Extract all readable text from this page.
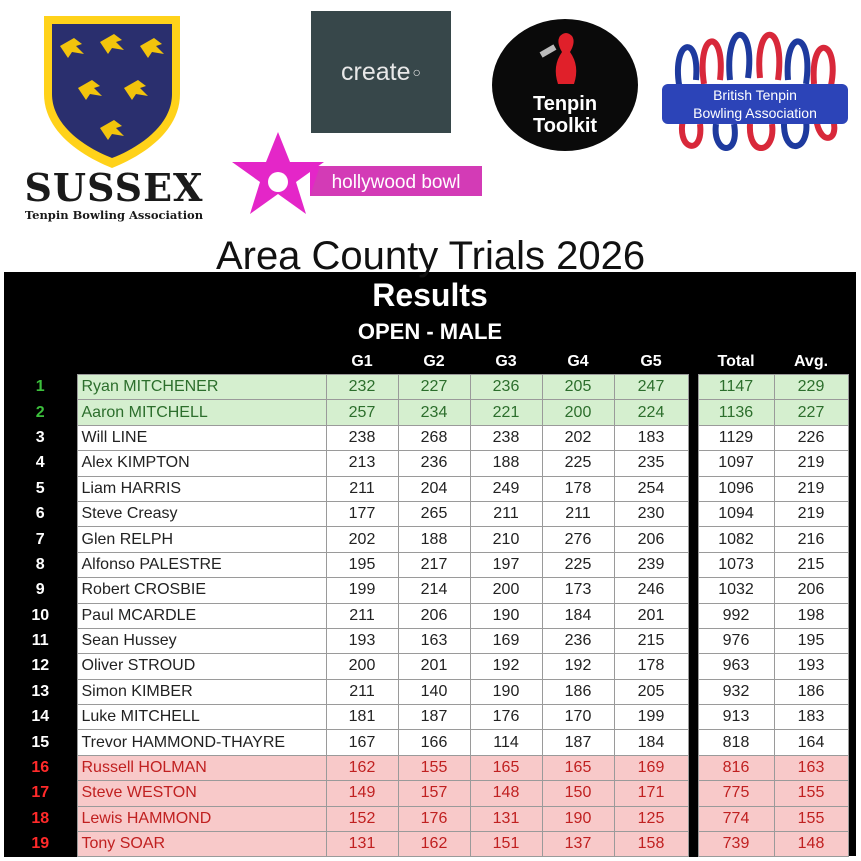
SUSSEX
Tenpin Bowling Association
create ○
Tenpin
Toolkit
British Tenpin
Bowling Association
hollywood bowl
Area County Trials 2026
Results
OPEN - MALE
G1	G2	G3	G4	G5	Total	Avg.
1	Ryan MITCHENER	232	227	236	205	247		1147	229
2	Aaron MITCHELL	257	234	221	200	224		1136	227
3	Will LINE	238	268	238	202	183		1129	226
4	Alex KIMPTON	213	236	188	225	235		1097	219
5	Liam HARRIS	211	204	249	178	254		1096	219
6	Steve Creasy	177	265	211	211	230		1094	219
7	Glen RELPH	202	188	210	276	206		1082	216
8	Alfonso PALESTRE	195	217	197	225	239		1073	215
9	Robert CROSBIE	199	214	200	173	246		1032	206
10	Paul MCARDLE	211	206	190	184	201		992	198
11	Sean Hussey	193	163	169	236	215		976	195
12	Oliver STROUD	200	201	192	192	178		963	193
13	Simon KIMBER	211	140	190	186	205		932	186
14	Luke MITCHELL	181	187	176	170	199		913	183
15	Trevor HAMMOND-THAYRE	167	166	114	187	184		818	164
16	Russell HOLMAN	162	155	165	165	169		816	163
17	Steve WESTON	149	157	148	150	171		775	155
18	Lewis HAMMOND	152	176	131	190	125		774	155
19	Tony SOAR	131	162	151	137	158		739	148
